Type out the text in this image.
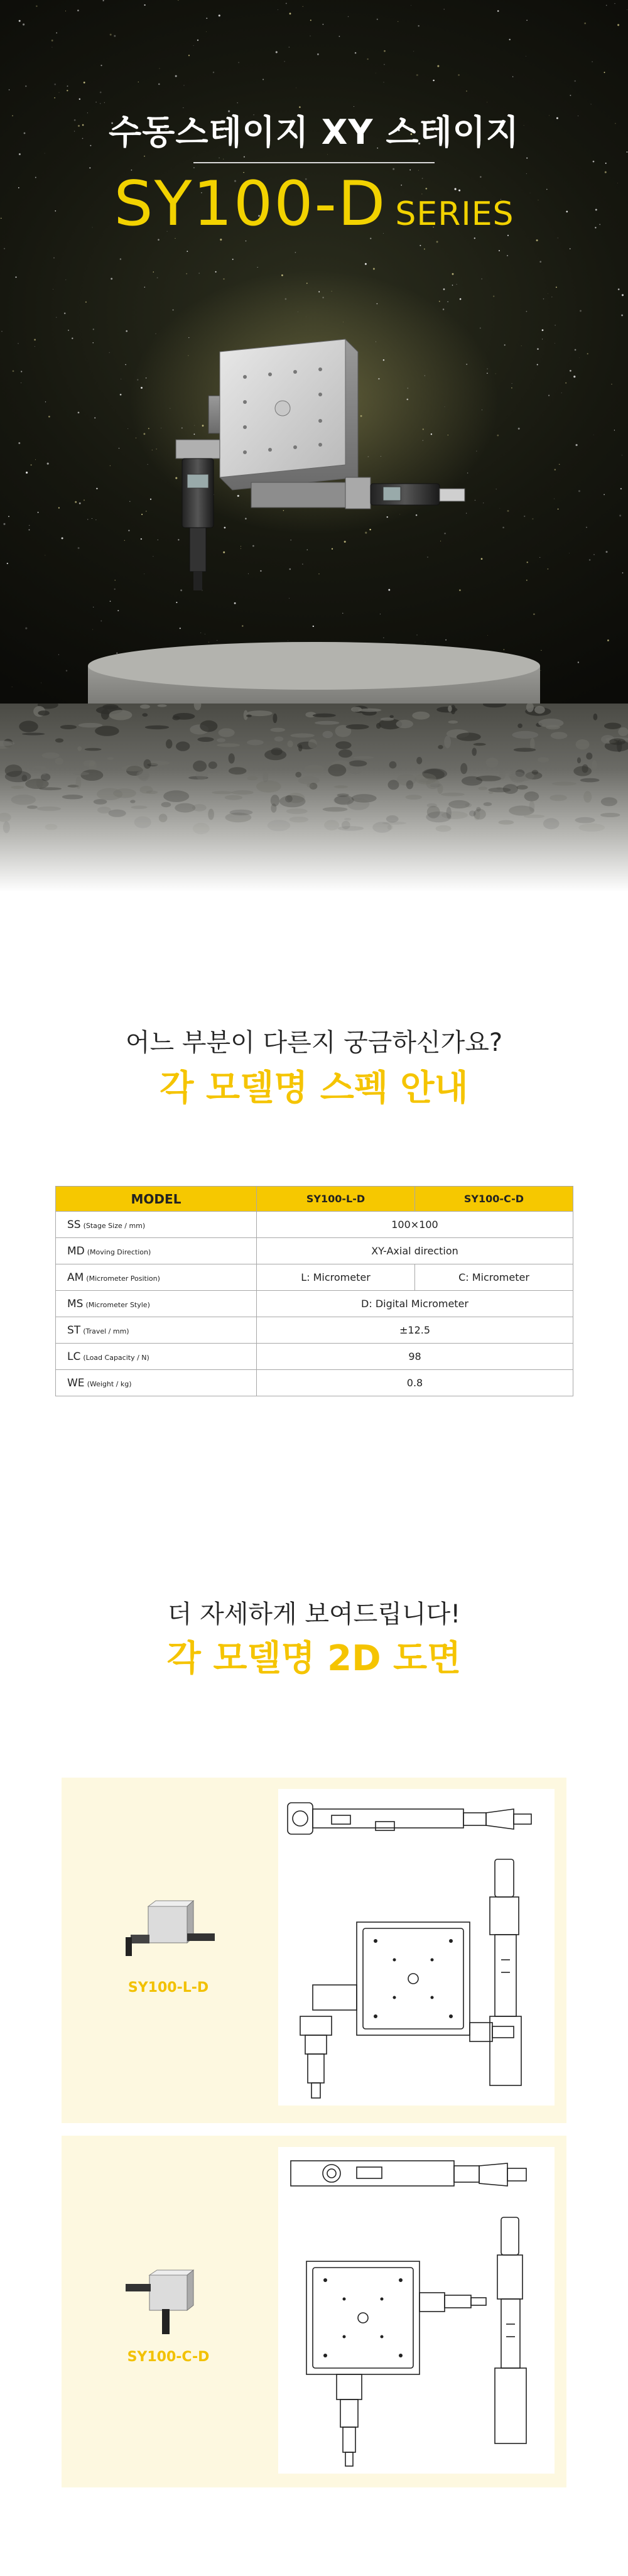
수동스테이지 XY 스테이지
SY100-D SERIES
어느 부분이 다른지 궁금하신가요?
각 모델명 스펙 안내
MODEL	SY100-L-D	SY100-C-D
SS (Stage Size / mm)	100×100	
MD (Moving Direction)	XY-Axial direction	
AM (Micrometer Position)	L: Micrometer	C: Micrometer
MS (Micrometer Style)	D: Digital Micrometer	
ST (Travel / mm)	±12.5	
LC (Load Capacity / N)	98	
WE (Weight / kg)	0.8	
더 자세하게 보여드립니다!
각 모델명 2D 도면
SY100-L-D
SY100-C-D
